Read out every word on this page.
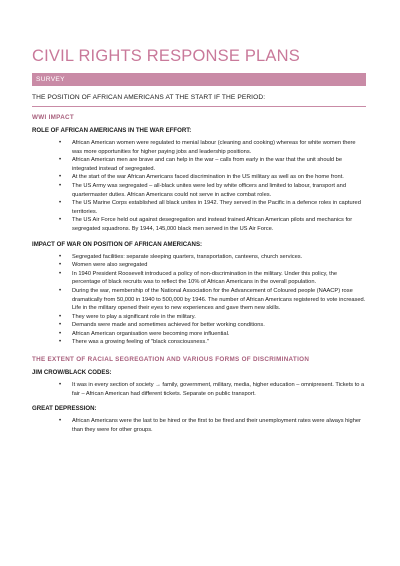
CIVIL RIGHTS RESPONSE PLANS
SURVEY
THE POSITION OF AFRICAN AMERICANS AT THE START IF THE PERIOD:
WWI IMPACT
ROLE OF AFRICAN AMERICANS IN THE WAR EFFORT:
• African American women were regulated to menial labour (cleaning and cooking) whereas for white women there was more opportunities for higher paying jobs and leadership positions.
• African American men are brave and can help in the war – calls from early in the war that the unit should be integrated instead of segregated.
• At the start of the war African Americans faced discrimination in the US military as well as on the home front.
• The US Army was segregated – all-black unites were led by white officers and limited to labour, transport and quartermaster duties. African Americans could not serve in active combat roles.
• The US Marine Corps established all black unites in 1942. They served in the Pacific in a defence roles in captured territories.
• The US Air Force held out against desegregation and instead trained African American pilots and mechanics for segregated squadrons. By 1944, 145,000 black men served in the US Air Force.
IMPACT OF WAR ON POSITION OF AFRICAN AMERICANS:
• Segregated facilities: separate sleeping quarters, transportation, canteens, church services.
• Women were also segregated
• In 1940 President Roosevelt introduced a policy of non-discrimination in the military. Under this policy, the percentage of black recruits was to reflect the 10% of African Americans in the overall population.
• During the war, membership of the National Association for the Advancement of Coloured people (NAACP) rose dramatically from 50,000 in 1940 to 500,000 by 1946. The number of African Americans registered to vote increased. Life in the military opened their eyes to new experiences and gave them new skills.
• They were to play a significant role in the military.
• Demands were made and sometimes achieved for better working conditions.
• African American organisation were becoming more influential.
• There was a growing feeling of "black consciousness."
THE EXTENT OF RACIAL SEGREGATION AND VARIOUS FORMS OF DISCRIMINATION
JIM CROW/BLACK CODES:
• It was in every section of society → family, government, military, media, higher education – omnipresent. Tickets to a fair – African American had different tickets. Separate on public transport.
GREAT DEPRESSION:
• African Americans were the last to be hired or the first to be fired and their unemployment rates were always higher than they were for other groups.
